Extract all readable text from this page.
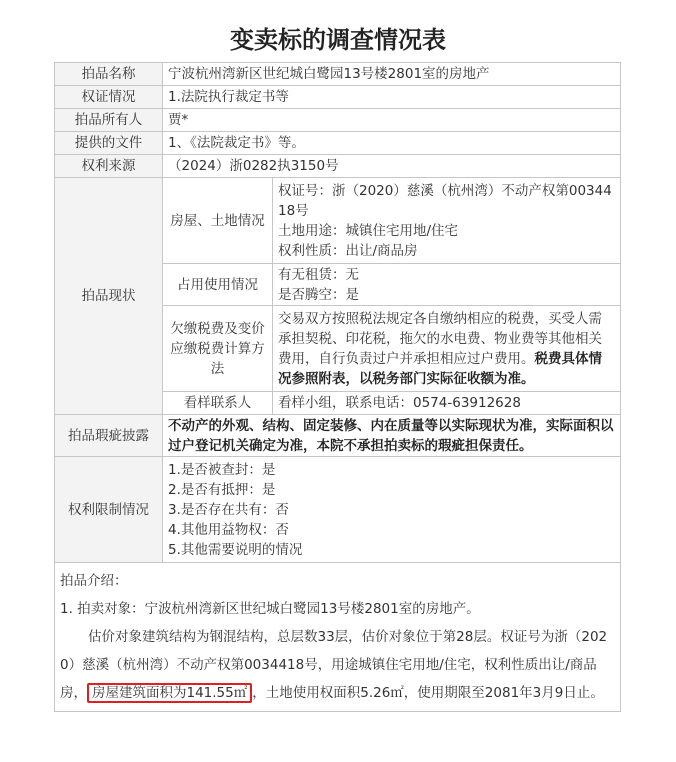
变卖标的调查情况表
拍品名称	宁波杭州湾新区世纪城白鹭园13号楼2801室的房地产	
权证情况	1.法院执行裁定书等	
拍品所有人	贾*	
提供的文件	1、《法院裁定书》等。	
权利来源	（2024）浙0282执3150号	
拍品现状	房屋、土地情况	权证号：浙（2020）慈溪（杭州湾）不动产权第0034418号
土地用途：城镇住宅用地/住宅
权利性质：出让/商品房

	占用使用情况	有无租赁：无
是否腾空：是

	欠缴税费及变价应缴税费计算方法	交易双方按照税法规定各自缴纳相应的税费，买受人需承担契税、印花税，拖欠的水电费、物业费等其他相关费用，自行负责过户并承担相应过户费用。税费具体情况参照附表，以税务部门实际征收额为准。
	看样联系人	看样小组，联系电话：0574-63912628
拍品瑕疵披露	不动产的外观、结构、固定装修、内在质量等以实际现状为准，实际面积以过户登记机关确定为准，本院不承担拍卖标的瑕疵担保责任。	
权利限制情况	1.是否被查封：是
2.是否有抵押：是
3.是否存在共有：否
4.其他用益物权：否
5.其他需要说明的情况	

拍品介绍：
1. 拍卖对象：宁波杭州湾新区世纪城白鹭园13号楼2801室的房地产。
估价对象建筑结构为钢混结构，总层数33层，估价对象位于第28层。权证号为浙（2020）慈溪（杭州湾）不动产权第0034418号，用途城镇住宅用地/住宅，权利性质出让/商品房， 房屋建筑面积为141.55㎡ ，土地使用权面积5.26㎡，使用期限至2081年3月9日止。		
